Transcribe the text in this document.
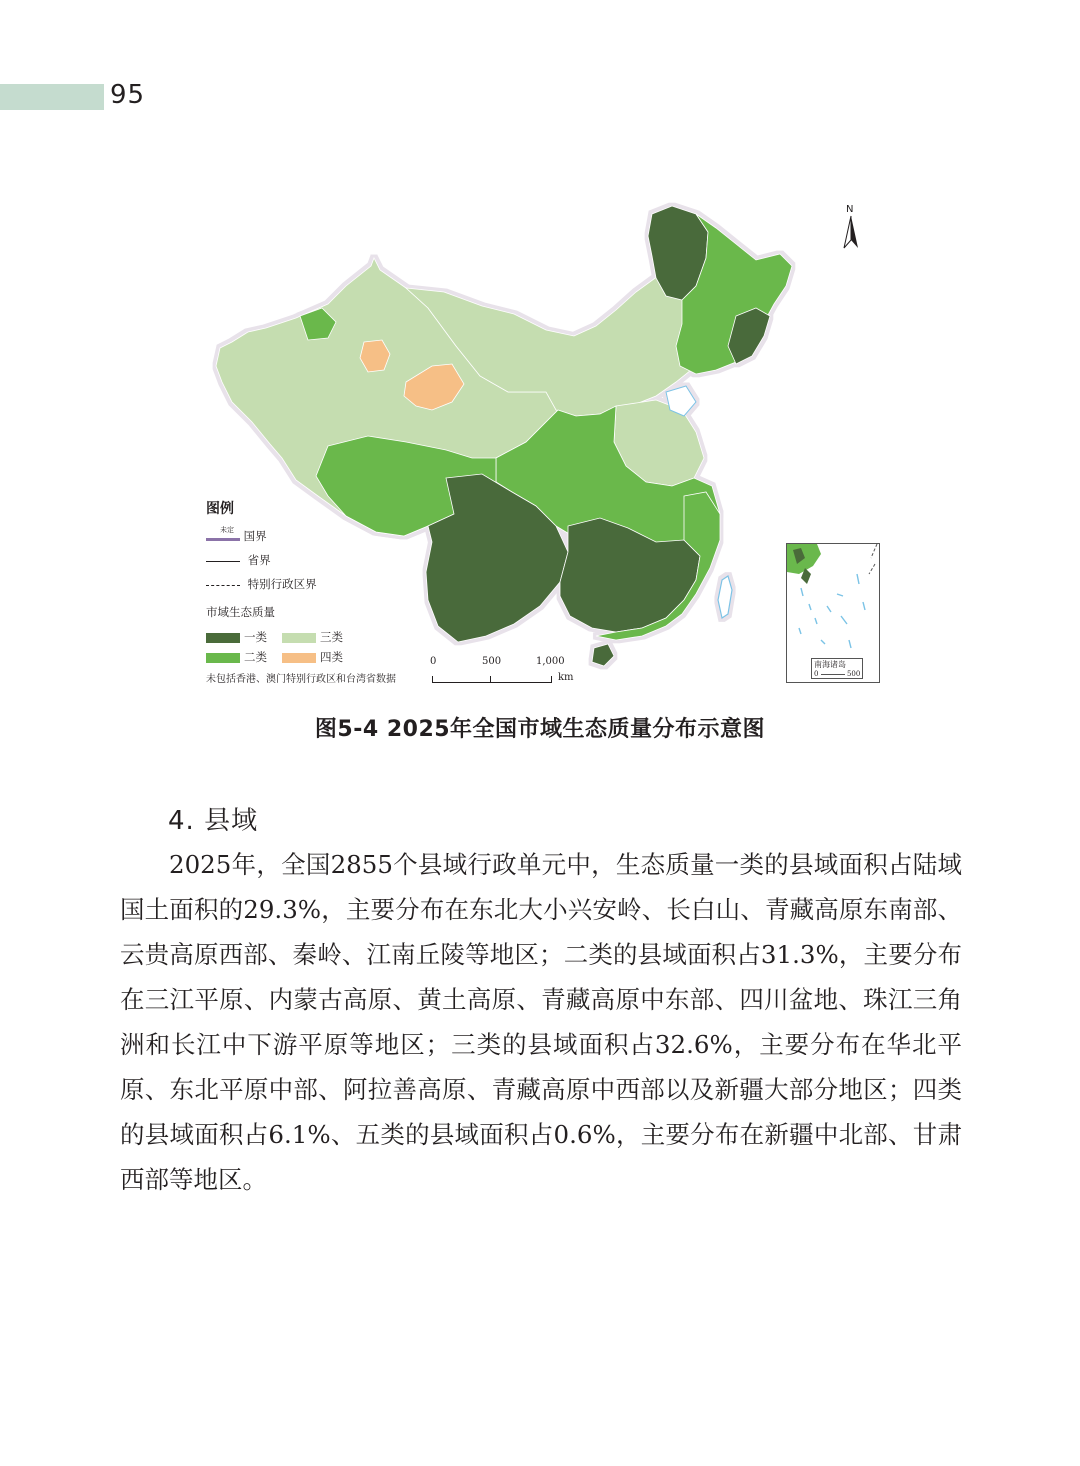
95
N
南海诸岛
0	500
图例
未定 国界
省界
特别行政区界
市域生态质量
一类	三类
二类	四类
未包括香港、澳门特别行政区和台湾省数据
0	500	1,000
km
图5-4 2025年全国市域生态质量分布示意图
4. 县域
2025年，全国2855个县域行政单元中，生态质量一类的县域面积占陆域国土面积的29.3%，主要分布在东北大小兴安岭、长白山、青藏高原东南部、云贵高原西部、秦岭、江南丘陵等地区；二类的县域面积占31.3%，主要分布在三江平原、内蒙古高原、黄土高原、青藏高原中东部、四川盆地、珠江三角洲和长江中下游平原等地区；三类的县域面积占32.6%，主要分布在华北平原、东北平原中部、阿拉善高原、青藏高原中西部以及新疆大部分地区；四类的县域面积占6.1%、五类的县域面积占0.6%，主要分布在新疆中北部、甘肃西部等地区。
